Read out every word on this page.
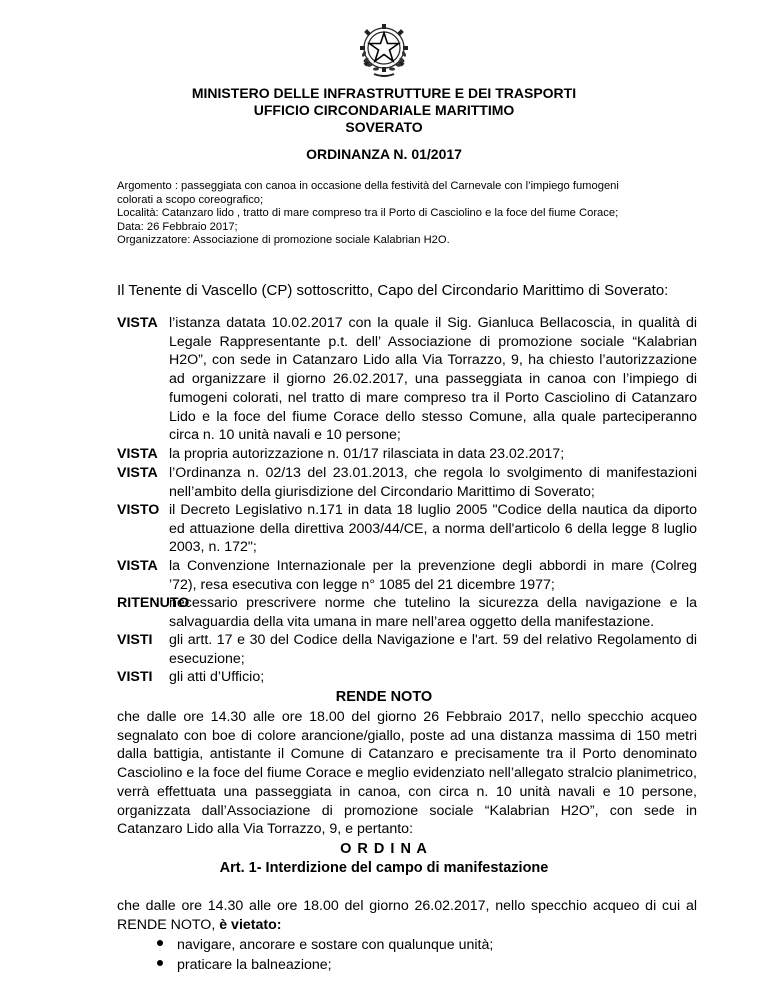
MINISTERO DELLE INFRASTRUTTURE E DEI TRASPORTI
UFFICIO CIRCONDARIALE MARITTIMO
SOVERATO
ORDINANZA N. 01/2017
Argomento : passeggiata con canoa in occasione della festività del Carnevale con l’impiego fumogeni
colorati a scopo coreografico;
Località: Catanzaro lido , tratto di mare compreso tra il Porto di Casciolino e la foce del fiume Corace;
Data: 26 Febbraio 2017;
Organizzatore: Associazione di promozione sociale Kalabrian H2O.
Il Tenente di Vascello (CP) sottoscritto, Capo del Circondario Marittimo di Soverato:
VISTA l’istanza datata 10.02.2017 con la quale il Sig. Gianluca Bellacoscia, in qualità di Legale Rappresentante p.t. dell’ Associazione di promozione sociale “Kalabrian H2O”, con sede in Catanzaro Lido alla Via Torrazzo, 9, ha chiesto l’autorizzazione ad organizzare il giorno 26.02.2017, una passeggiata in canoa con l’impiego di fumogeni colorati, nel tratto di mare compreso tra il Porto Casciolino di Catanzaro Lido e la foce del fiume Corace dello stesso Comune, alla quale parteciperanno circa n. 10 unità navali e 10 persone;
VISTA la propria autorizzazione n. 01/17 rilasciata in data 23.02.2017;
VISTA l’Ordinanza n. 02/13 del 23.01.2013, che regola lo svolgimento di manifestazioni nell’ambito della giurisdizione del Circondario Marittimo di Soverato;
VISTO il Decreto Legislativo n.171 in data 18 luglio 2005 "Codice della nautica da diporto ed attuazione della direttiva 2003/44/CE, a norma dell'articolo 6 della legge 8 luglio 2003, n. 172";
VISTA la Convenzione Internazionale per la prevenzione degli abbordi in mare (Colreg ’72), resa esecutiva con legge n° 1085 del 21 dicembre 1977;
RITENUTO
necessario prescrivere norme che tutelino la sicurezza della navigazione e la salvaguardia della vita umana in mare nell’area oggetto della manifestazione.
VISTI gli artt. 17 e 30 del Codice della Navigazione e l'art. 59 del relativo Regolamento di esecuzione;
VISTI gli atti d’Ufficio;
RENDE NOTO
che dalle ore 14.30 alle ore 18.00 del giorno 26 Febbraio 2017, nello specchio acqueo segnalato con boe di colore arancione/giallo, poste ad una distanza massima di 150 metri dalla battigia, antistante il Comune di Catanzaro e precisamente tra il Porto denominato Casciolino e la foce del fiume Corace e meglio evidenziato nell’allegato stralcio planimetrico, verrà effettuata una passeggiata in canoa, con circa n. 10 unità navali e 10 persone, organizzata dall’Associazione di promozione sociale “Kalabrian H2O”, con sede in Catanzaro Lido alla Via Torrazzo, 9, e pertanto:
O R D I N A
Art. 1- Interdizione del campo di manifestazione
che dalle ore 14.30 alle ore 18.00 del giorno 26.02.2017, nello specchio acqueo di cui al RENDE NOTO, è vietato:
navigare, ancorare e sostare con qualunque unità;
praticare la balneazione;
